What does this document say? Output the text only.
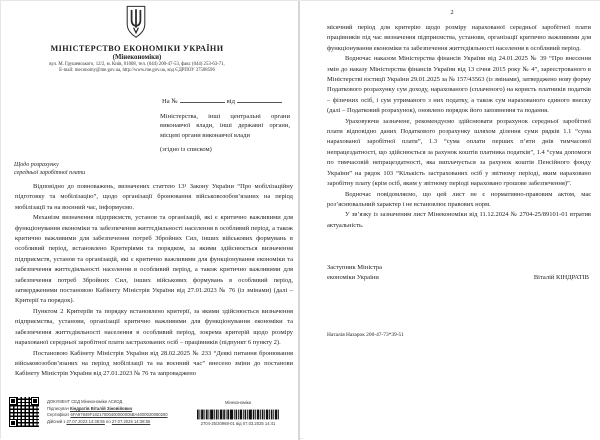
МІНІСТЕРСТВО ЕКОНОМІКИ УКРАЇНИ
(Мінекономіки)
вул. М. Грушевського, 12/2, м. Київ, 01008, тел. (044) 200-47-53, факс (044) 253-63-71,
E-mail: meconomy@me.gov.ua, http://www.me.gov.ua, код ЄДРПОУ 37508596
На №	від
Міністерства, інші центральні органи виконавчої влади, інші державні органи, місцеві органи виконавчої влади
(згідно із списком)
Щодо розрахунку
середньої заробітної плати

Відповідно до повноважень, визначених статтею 13¹ Закону України “Про мобілізаційну підготовку та мобілізацію”, щодо організації бронювання військовозобов’язаних на період мобілізації та на воєнний час, інформуємо.

Механізм визначення підприємств, установ та організацій, які є критично важливими для функціонування економіки та забезпечення життєдіяльності населення в особливий період, а також критично важливими для забезпечення потреб Збройних Сил, інших військових формувань в особливий період, встановлено Критеріями та порядком, за якими здійснюється визначення підприємств, установ та організацій, які є критично важливими для функціонування економіки та забезпечення життєдіяльності населення в особливий період, а також критично важливими для забезпечення потреб Збройних Сил, інших військових формувань в особливий період, затвердженими постановою Кабінету Міністрів України від 27.01.2023 № 76 (із змінами) (далі – Критерії та порядок).

Пунктом 2 Критеріїв та порядку встановлено критерії, за якими здійснюється визначення підприємства, установи, організації критично важливими для функціонування економіки та забезпечення життєдіяльності населення в особливий період, зокрема критерій щодо розміру нарахованої середньої заробітної плати застрахованих осіб – працівників (підпункт 6 пункту 2).

Постановою Кабінету Міністрів України від 28.02.2025 № 233 “Деякі питання бронювання військовозобов’язаних на період мобілізації та на воєнний час” внесено зміни до постанови Кабінету Міністрів України від 27.01.2023 № 76 та запроваджено

ДОКУМЕНТ СЕД Мінекономіки АСКОД
Підписувач Кіндратів Віталій Зіновійович
Сертифікат 6FA97849F18217000400000005BA4000020080200
Дійсний з 27.07.2023 14:38:55 по 27.07.2025 14:38:55
Мінекономіки
2704-25/20968-01 від 07.03.2025 14:41
2

місячний період для критерію щодо розміру нарахованої середньої заробітної плати працівників під час визначення підприємства, установи, організації критично важливими для функціонування економіки та забезпечення життєдіяльності населення в особливий період.

Водночас наказом Міністерства фінансів України від 24.01.2025 № 39 “Про внесення змін до наказу Міністерства фінансів України від 13 січня 2015 року № 4”, зареєстрованого в Міністерстві юстиції України 29.01.2025 за № 157/43563 (із змінами), затверджено нову форму Податкового розрахунку сум доходу, нарахованого (сплаченого) на користь платників податків – фізичних осіб, і сум утриманого з них податку, а також сум нарахованого єдиного внеску (далі – Податковий розрахунок), оновлено порядок його заповнення та подання.

Ураховуючи зазначене, рекомендуємо здійснювати розрахунок середньої заробітної плати відповідно даних Податкового розрахунку шляхом ділення суми рядків 1.1 “сума нарахованої заробітної плати”, 1.3 “сума оплати перших п’яти днів тимчасової непрацездатності, що здійснюється за рахунок коштів платника податків”, 1.4 “сума допомоги по тимчасовій непрацездатності, яка виплачується за рахунок коштів Пенсійного фонду України” на рядок 103 “Кількість застрахованих осіб у звітному періоді, яким нараховано заробітну плату (крім осіб, яким у звітному періоді нараховано грошове забезпечення)”.

Водночас повідомляємо, що цей лист не є нормативно-правовим актом, має роз’яснювальний характер і не встановлює правових норм.

У зв’язку із зазначеним лист Мінекономіки від 11.12.2024 № 2704-25/89101-01 втратив актуальність.

Заступник Міністра
економіки України	Віталій КІНДРАТІВ
Наталія Назарок 200-47-73*39-51
